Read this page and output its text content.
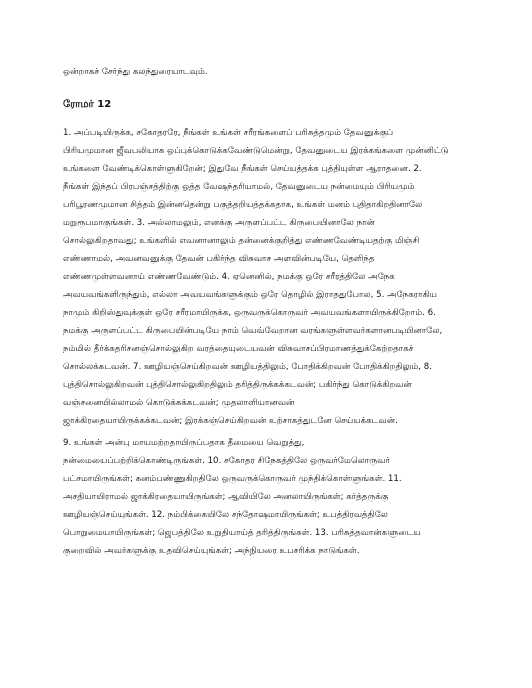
ஒன்றாகச் சேர்ந்து கலந்துரையாடவும்.
ரோமர் 12
1. அப்படியிருக்க, சகோதரரே, நீங்கள் உங்கள் சரீரங்களைப் பரிசுத்தமும் தேவனுக்குப்
பிரியமுமான ஜீவபலியாக ஒப்புக்கொடுக்கவேண்டுமென்று, தேவனுடைய இரக்கங்களை முன்னிட்டு
உங்களை வேண்டிக்கொள்ளுகிறேன்; இதுவே நீங்கள் செய்யத்தக்க புத்தியுள்ள ஆராதனை. 2.
நீங்கள் இந்தப் பிரபஞ்சத்திற்கு ஒத்த வேஷந்தரியாமல், தேவனுடைய நன்மையும் பிரியமும்
பரிபூரணமுமான சித்தம் இன்னதென்று பகுத்தறியத்தக்கதாக, உங்கள் மனம் புதிதாகிறதினாலே
மறுரூபமாகுங்கள். 3. அல்லாமலும், எனக்கு அருளப்பட்ட கிருபையினாலே நான்
சொல்லுகிறதாவது; உங்களில் எவனானாலும் தன்னைக்குறித்து எண்ணவேண்டியதற்கு மிஞ்சி
எண்ணாமல், அவனவனுக்கு தேவன் பகிர்ந்த விசுவாச அளவின்படியே, தெளிந்த
எண்ணமுள்ளவனாய் எண்ணவேண்டும். 4. ஏனெனில், நமக்கு ஒரே சரீரத்திலே அநேக
அவயவங்களிருந்தும், எல்லா அவயவங்களுக்கும் ஒரே தொழில் இராததுபோல, 5. அநேகராகிய
நாமும் கிறிஸ்துவுக்குள் ஒரே சரீரமாயிருக்க, ஒருவருக்கொருவர் அவயவங்களாயிருக்கிறோம். 6.
நமக்கு அருளப்பட்ட கிருபையின்படியே நாம் வெவ்வேறான வரங்களுள்ளவர்களானபடியினாலே,
நம்மில் தீர்க்கதரிசனஞ்சொல்லுகிற வரத்தையுடையவன் விசுவாசப்பிரமாணத்துக்கேற்றதாகச்
சொல்லக்கடவன். 7. ஊழியஞ்செய்கிறவன் ஊழியத்திலும், போதிக்கிறவன் போதிக்கிறதிலும், 8.
புத்திசொல்லுகிறவன் புத்திசொல்லுகிறதிலும் தரித்திருக்கக்கடவன்; பகிர்ந்து கொடுக்கிறவன்
வஞ்சனையில்லாமல் கொடுக்கக்கடவன்; முதலாளியானவன்
ஜாக்கிரதையாயிருக்கக்கடவன்; இரக்கஞ்செய்கிறவன் உற்சாகத்துடனே செய்யக்கடவன்.
9. உங்கள் அன்பு மாயமற்றதாயிருப்பதாக தீமையை வெறுத்து,
நன்மையைப்பற்றிக்கொண்டிருங்கள். 10. சகோதர சிநேகத்திலே ஒருவர்மேலொருவர்
பட்சமாயிருங்கள்; கனம்பண்ணுகிறதிலே ஒருவருக்கொருவர் முந்திக்கொள்ளுங்கள். 11.
அசதியாயிராமல் ஜாக்கிரதையாயிருங்கள்; ஆவியிலே அனலாயிருங்கள்; கர்த்தருக்கு
ஊழியஞ்செய்யுங்கள். 12. நம்பிக்கையிலே சந்தோஷமாயிருங்கள்; உபத்திரவத்திலே
பொறுமையாயிருங்கள்; ஜெபத்திலே உறுதியாய்த் தரித்திருங்கள். 13. பரிசுத்தவான்களுடைய
குறைவில் அவர்களுக்கு உதவிசெய்யுங்கள்; அந்நியரை உபசரிக்க நாடுங்கள்.
